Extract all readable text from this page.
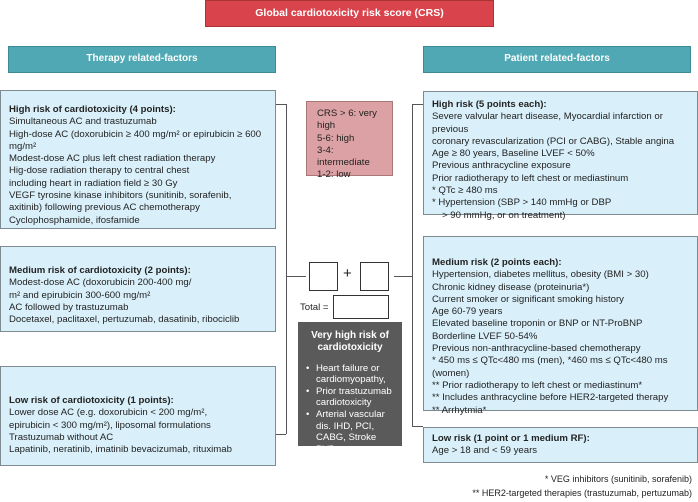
Global cardiotoxicity risk score (CRS)
Therapy related-factors	Patient related-factors
High risk of cardiotoxicity (4 points):
Simultaneous AC and trastuzumab
High-dose AC (doxorubicin ≥ 400 mg/m² or epirubicin ≥ 600 mg/m²
Modest-dose AC plus left chest radiation therapy
Hig-dose radiation therapy to central chest
including heart in radiation field ≥ 30 Gy
VEGF tyrosine kinase inhibitors (sunitinib, sorafenib,
axitinib) following previous AC chemotherapy
Cyclophosphamide, ifosfamide
Medium risk of cardiotoxicity (2 points):
Modest-dose AC (doxorubicin 200-400 mg/
m² and epirubicin 300-600 mg/m²
AC followed by trastuzumab
Docetaxel, paclitaxel, pertuzumab, dasatinib, ribociclib
Low risk of cardiotoxicity (1 points):
Lower dose AC (e.g. doxorubicin < 200 mg/m²,
epirubicin < 300 mg/m²), liposomal formulations
Trastuzumab without AC
Lapatinib, neratinib, imatinib bevacizumab, rituximab
CRS > 6: very high
5-6: high
3-4: intermediate
1-2: low
+
Total =
Very high risk of cardiotoxicity
• Heart failure or cardiomyopathy,
• Prior trastuzumab cardiotoxicity
• Arterial vascular dis. IHD, PCI, CABG, Stroke PVD
High risk (5 points each):
Severe valvular heart disease, Myocardial infarction or previous
coronary revascularization (PCI or CABG), Stable angina
Age ≥ 80 years, Baseline LVEF < 50%
Previous anthracycline exposure
Prior radiotherapy to left chest or mediastinum
* QTc ≥ 480 ms
* Hypertension (SBP > 140 mmHg or DBP
> 90 mmHg, or on treatment)
Medium risk (2 points each):
Hypertension, diabetes mellitus, obesity (BMI > 30)
Chronic kidney disease (proteinuria*)
Current smoker or significant smoking history
Age 60-79 years
Elevated baseline troponin or BNP or NT-ProBNP
Borderline LVEF 50-54%
Previous non-anthracycline-based chemotherapy
* 450 ms ≤ QTc<480 ms (men), *460 ms ≤ QTc<480 ms (women)
** Prior radiotherapy to left chest or mediastinum*
** Includes anthracycline before HER2-targeted therapy
** Arrhytmia*
Low risk (1 point or 1 medium RF):
Age > 18 and < 59 years
* VEG inhibitors (sunitinib, sorafenib)
** HER2-targeted therapies (trastuzumab, pertuzumab)
